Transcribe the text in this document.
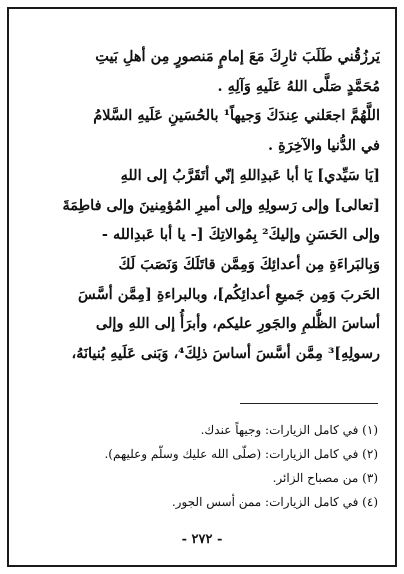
يَرزُقُني طَلَبَ ثارِكَ مَعَ إمامٍ مَنصورٍ مِن أهلِ بَيتِ
مُحَمَّدٍ صَلَّى اللهُ عَلَيهِ وَآلِهِ .
اللَّهُمَّ اجعَلني عِندَكَ وَجيهاً¹ بالحُسَينِ عَلَيهِ السَّلامُ
في الدُّنيا والآخِرَةِ .
[يَا سَيِّدي] يَا أبا عَبدِاللهِ إنّي أتَقَرَّبُ إلى اللهِ
[تعالى] وإلى رَسولِهِ وإلى أميرِ المُؤمِنينَ وإلى فاطِمَةَ
وإلى الحَسَنِ وإليكَ² بِمُوالاتِكَ [- يا أبا عَبدِالله -
وَبِالبَراءَةِ مِن أعدائِكَ وَمِمَّن قاتَلَكَ وَنَصَبَ لَكَ
الحَربَ وَمِن جَميعِ أعدائِكُم]، وبالبراءةِ [مِمَّن أسَّسَ
أساسَ الظُّلمِ والجَورِ عليكم، وأبرَأُ إلى اللهِ وإلى
رسولِهِ]³ مِمَّن أسَّسَ أساسَ ذلِكَ⁴، وَبَنى عَلَيهِ بُنيانَهُ،
(١) في كامل الزيارات: وجيهاً عندك.
(٢) في كامل الزيارات: (صلّى الله عليك وسلّم وعليهم).
(٣) من مصباح الزائر.
(٤) في كامل الزيارات: ممن أسس الجور.
- ٢٧٢ -
